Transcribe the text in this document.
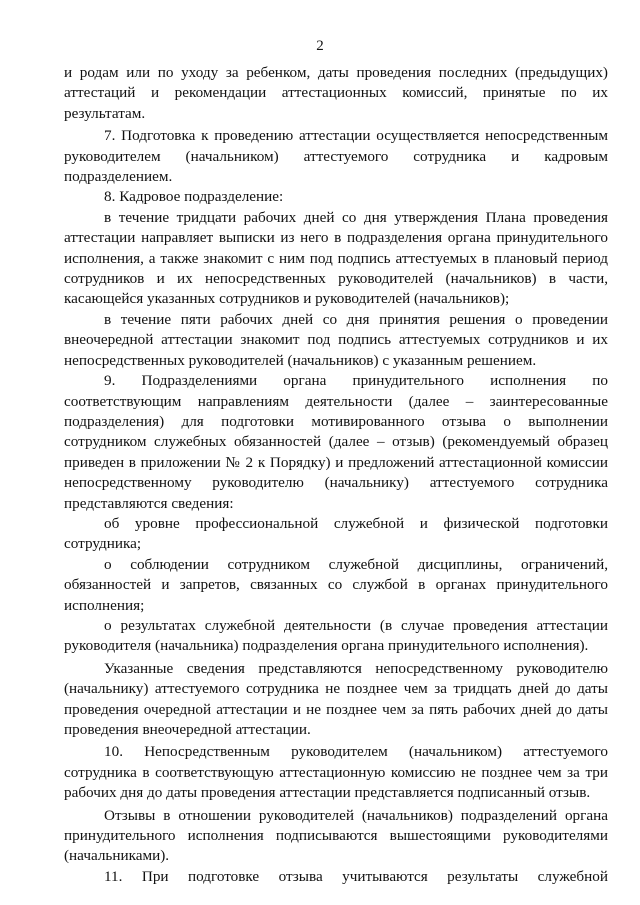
2

и родам или по уходу за ребенком, даты проведения последних (предыдущих) аттестаций и рекомендации аттестационных комиссий, принятые по их результатам.

7. Подготовка к проведению аттестации осуществляется непосредственным руководителем (начальником) аттестуемого сотрудника и кадровым подразделением.

8. Кадровое подразделение:

в течение тридцати рабочих дней со дня утверждения Плана проведения аттестации направляет выписки из него в подразделения органа принудительного исполнения, а также знакомит с ним под подпись аттестуемых в плановый период сотрудников и их непосредственных руководителей (начальников) в части, касающейся указанных сотрудников и руководителей (начальников);

в течение пяти рабочих дней со дня принятия решения о проведении внеочередной аттестации знакомит под подпись аттестуемых сотрудников и их непосредственных руководителей (начальников) с указанным решением.

9. Подразделениями органа принудительного исполнения по соответствующим направлениям деятельности (далее – заинтересованные подразделения) для подготовки мотивированного отзыва о выполнении сотрудником служебных обязанностей (далее – отзыв) (рекомендуемый образец приведен в приложении № 2 к Порядку) и предложений аттестационной комиссии непосредственному руководителю (начальнику) аттестуемого сотрудника представляются сведения:

об уровне профессиональной служебной и физической подготовки сотрудника;

о соблюдении сотрудником служебной дисциплины, ограничений, обязанностей и запретов, связанных со службой в органах принудительного исполнения;

о результатах служебной деятельности (в случае проведения аттестации руководителя (начальника) подразделения органа принудительного исполнения).

Указанные сведения представляются непосредственному руководителю (начальнику) аттестуемого сотрудника не позднее чем за тридцать дней до даты проведения очередной аттестации и не позднее чем за пять рабочих дней до даты проведения внеочередной аттестации.

10. Непосредственным руководителем (начальником) аттестуемого сотрудника в соответствующую аттестационную комиссию не позднее чем за три рабочих дня до даты проведения аттестации представляется подписанный отзыв.

Отзывы в отношении руководителей (начальников) подразделений органа принудительного исполнения подписываются вышестоящими руководителями (начальниками).

11. При подготовке отзыва учитываются результаты служебной
